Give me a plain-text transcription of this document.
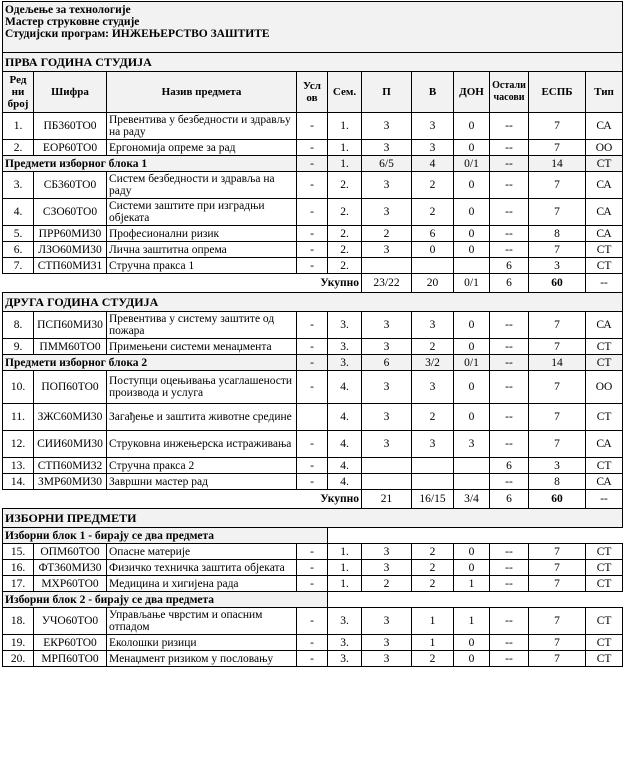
Одељење за технологије
Мастер струковне студије
Студијски програм: ИНЖЕЊЕРСТВО ЗАШТИТЕ										

ПРВА ГОДИНА СТУДИЈА										
Ред ни број	Шифра	Назив предмета	Усл ов	Сем.	П	В	ДОН	Остали часови	ЕСПБ	Тип
1.	ПБ360ТО0	Превентива у безбедности и здрављу на раду	-	1.	3	3	0	--	7	СА
2.	ЕОР60ТО0	Ергономија опреме за рад	-	1.	3	3	0	--	7	ОО
Предмети изборног блока 1			-	1.	6/5	4	0/1	--	14	СТ
3.	СБ360ТО0	Систем безбедности и здравља на раду	-	2.	3	2	0	--	7	СА
4.	СЗО60ТО0	Системи заштите при изградњи објеката	-	2.	3	2	0	--	7	СА
5.	ПРР60МИ30	Професионални ризик	-	2.	2	6	0	--	8	СА
6.	ЛЗО60МИ30	Лична заштитна опрема	-	2.	3	0	0	--	7	СТ
7.	СТП60МИ31	Стручна пракса 1	-	2.				6	3	СТ
Укупно					23/22	20	0/1	6	60	--
ДРУГА ГОДИНА СТУДИЈА										
8.	ПСП60МИ30	Превентива у систему заштите од пожара	-	3.	3	3	0	--	7	СА
9.	ПММ60ТО0	Примењени системи менаџмента	-	3.	3	2	0	--	7	СТ
Предмети изборног блока 2			-	3.	6	3/2	0/1	--	14	СТ
10.	ПОП60ТО0	Поступци оцењивања усаглашености производа и услуга	-	4.	3	3	0	--	7	ОО
11.	ЗЖС60МИ30	Загађење и заштита животне средине		4.	3	2	0	--	7	СТ
12.	СИИ60МИ30	Струковна инжењерска истраживања	-	4.	3	3	3	--	7	СА
13.	СТП60МИ32	Стручна пракса 2	-	4.				6	3	СТ
14.	ЗМР60МИ30	Завршни мастер рад	-	4.				--	8	СА
Укупно					21	16/15	3/4	6	60	--
ИЗБОРНИ ПРЕДМЕТИ										
Изборни блок 1 - бирају се два предмета										
15.	ОПМ60ТО0	Опасне материје	-	1.	3	2	0	--	7	СТ
16.	ФТ360МИ30	Физичко техничка заштита објеката	-	1.	3	2	0	--	7	СТ
17.	МХР60ТО0	Медицина и хигијена рада	-	1.	2	2	1	--	7	СТ
Изборни блок 2 - бирају се два предмета										
18.	УЧО60ТО0	Управљање чврстим и опасним отпадом	-	3.	3	1	1	--	7	СТ
19.	ЕКР60ТО0	Еколошки ризици	-	3.	3	1	0	--	7	СТ
20.	МРП60ТО0	Менаџмент ризиком у пословању	-	3.	3	2	0	--	7	СТ
